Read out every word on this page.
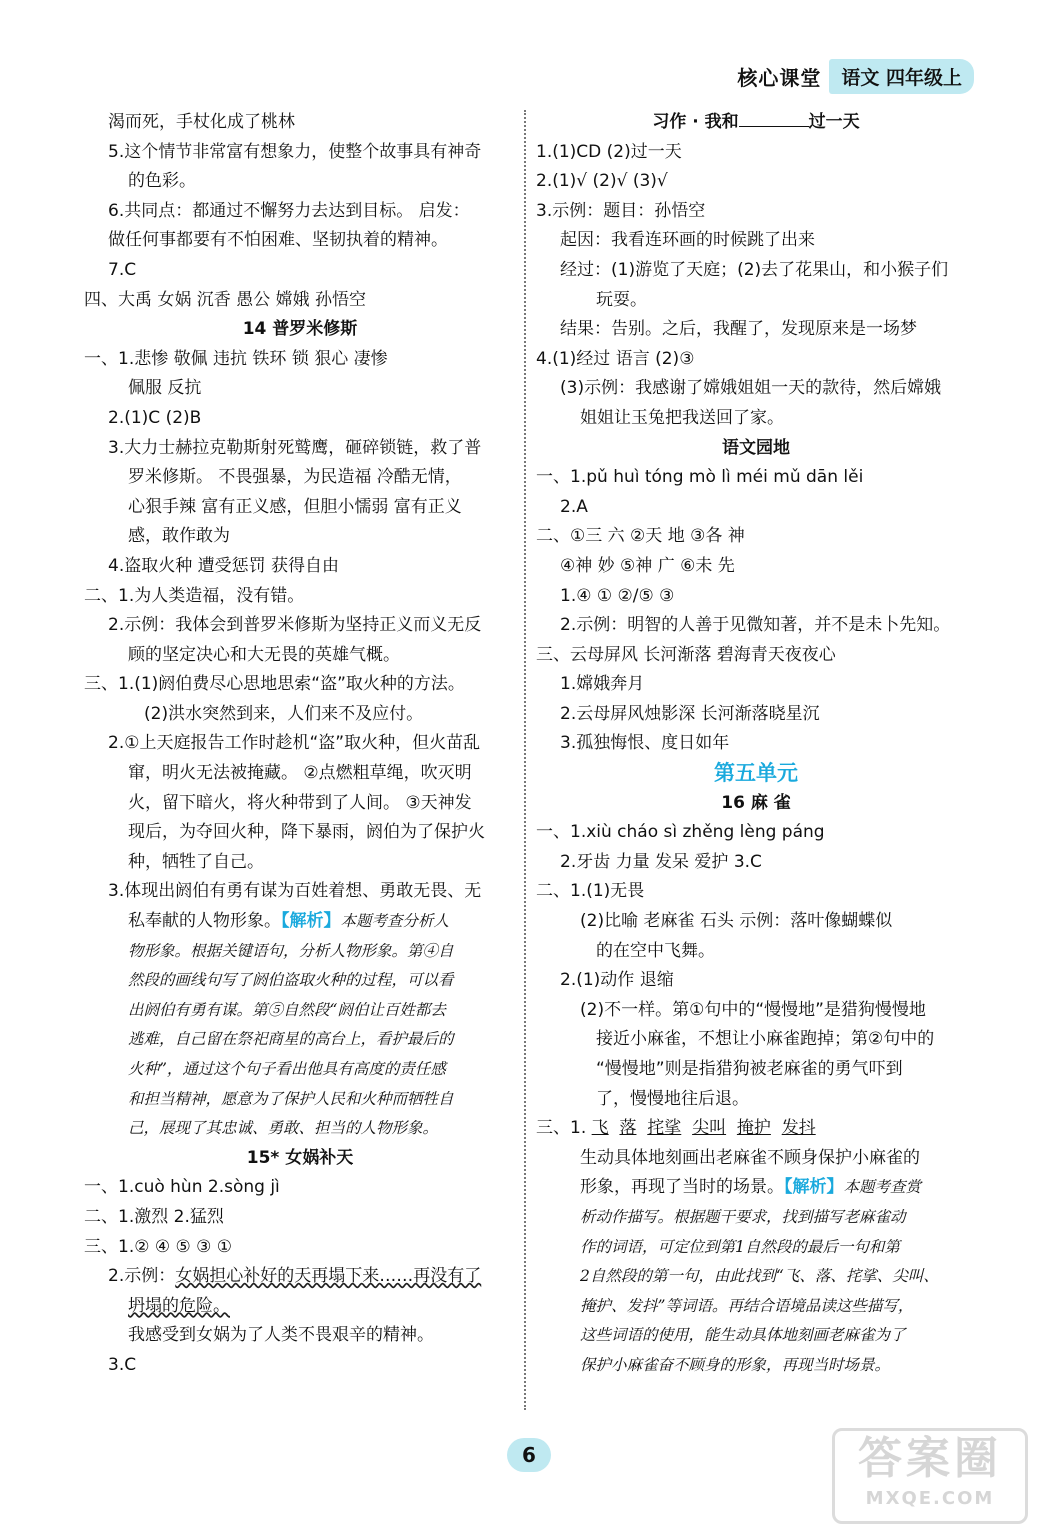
核心课堂	语文 四年级上
渴而死，手杖化成了桃林
5.这个情节非常富有想象力，使整个故事具有神奇
的色彩。
6.共同点：都通过不懈努力去达到目标。 启发：
做任何事都要有不怕困难、坚韧执着的精神。
7.C
四、大禹 女娲 沉香 愚公 嫦娥 孙悟空
14 普罗米修斯
一、1.悲惨 敬佩 违抗 铁环 锁 狠心 凄惨
佩服 反抗
2.(1)C (2)B
3.大力士赫拉克勒斯射死鹫鹰，砸碎锁链，救了普
罗米修斯。 不畏强暴，为民造福 冷酷无情，
心狠手辣 富有正义感，但胆小懦弱 富有正义
感，敢作敢为
4.盗取火种 遭受惩罚 获得自由
二、1.为人类造福，没有错。
2.示例：我体会到普罗米修斯为坚持正义而义无反
顾的坚定决心和大无畏的英雄气概。
三、1.(1)阏伯费尽心思地思索“盗”取火种的方法。
(2)洪水突然到来，人们来不及应付。
2.①上天庭报告工作时趁机“盗”取火种，但火苗乱
窜，明火无法被掩藏。 ②点燃粗草绳，吹灭明
火，留下暗火，将火种带到了人间。 ③天神发
现后，为夺回火种，降下暴雨，阏伯为了保护火
种，牺牲了自己。
3.体现出阏伯有勇有谋为百姓着想、勇敢无畏、无
私奉献的人物形象。【解析】本题考查分析人
物形象。根据关键语句，分析人物形象。第④自
然段的画线句写了阏伯盗取火种的过程，可以看
出阏伯有勇有谋。第⑤自然段“阏伯让百姓都去
逃难，自己留在祭祀商星的高台上，看护最后的
火种”，通过这个句子看出他具有高度的责任感
和担当精神，愿意为了保护人民和火种而牺牲自
己，展现了其忠诚、勇敢、担当的人物形象。
15* 女娲补天
一、1.cuò hùn 2.sòng jì
二、1.激烈 2.猛烈
三、1.② ④ ⑤ ③ ①
2.示例：女娲担心补好的天再塌下来……再没有了
坍塌的危险。
我感受到女娲为了人类不畏艰辛的精神。
3.C
习作 · 我和	过一天
1.(1)CD (2)过一天
2.(1)√ (2)√ (3)√
3.示例：题目：孙悟空
起因：我看连环画的时候跳了出来
经过：(1)游览了天庭；(2)去了花果山，和小猴子们
玩耍。
结果：告别。之后，我醒了，发现原来是一场梦
4.(1)经过 语言 (2)③
(3)示例：我感谢了嫦娥姐姐一天的款待，然后嫦娥
姐姐让玉兔把我送回了家。
语文园地
一、1.pǔ huì tóng mò lì méi mǔ dān lěi
2.A
二、①三 六 ②天 地 ③各 神
④神 妙 ⑤神 广 ⑥未 先
1.④ ① ②/⑤ ③
2.示例：明智的人善于见微知著，并不是未卜先知。
三、云母屏风 长河渐落 碧海青天夜夜心
1.嫦娥奔月
2.云母屏风烛影深 长河渐落晓星沉
3.孤独悔恨、度日如年
第五单元
16 麻 雀
一、1.xiù cháo sì zhěng lèng páng
2.牙齿 力量 发呆 爱护 3.C
二、1.(1)无畏
(2)比喻 老麻雀 石头 示例：落叶像蝴蝶似
的在空中飞舞。
2.(1)动作 退缩
(2)不一样。第①句中的“慢慢地”是猎狗慢慢地
接近小麻雀，不想让小麻雀跑掉；第②句中的
“慢慢地”则是指猎狗被老麻雀的勇气吓到
了，慢慢地往后退。
三、1. 飞 落 挓挲 尖叫 掩护 发抖
生动具体地刻画出老麻雀不顾身保护小麻雀的
形象，再现了当时的场景。【解析】本题考查赏
析动作描写。根据题干要求，找到描写老麻雀动
作的词语，可定位到第1自然段的最后一句和第
2自然段的第一句，由此找到“飞、落、挓挲、尖叫、
掩护、发抖”等词语。再结合语境品读这些描写，
这些词语的使用，能生动具体地刻画老麻雀为了
保护小麻雀奋不顾身的形象，再现当时场景。
6	答案圈
MXQE.COM
